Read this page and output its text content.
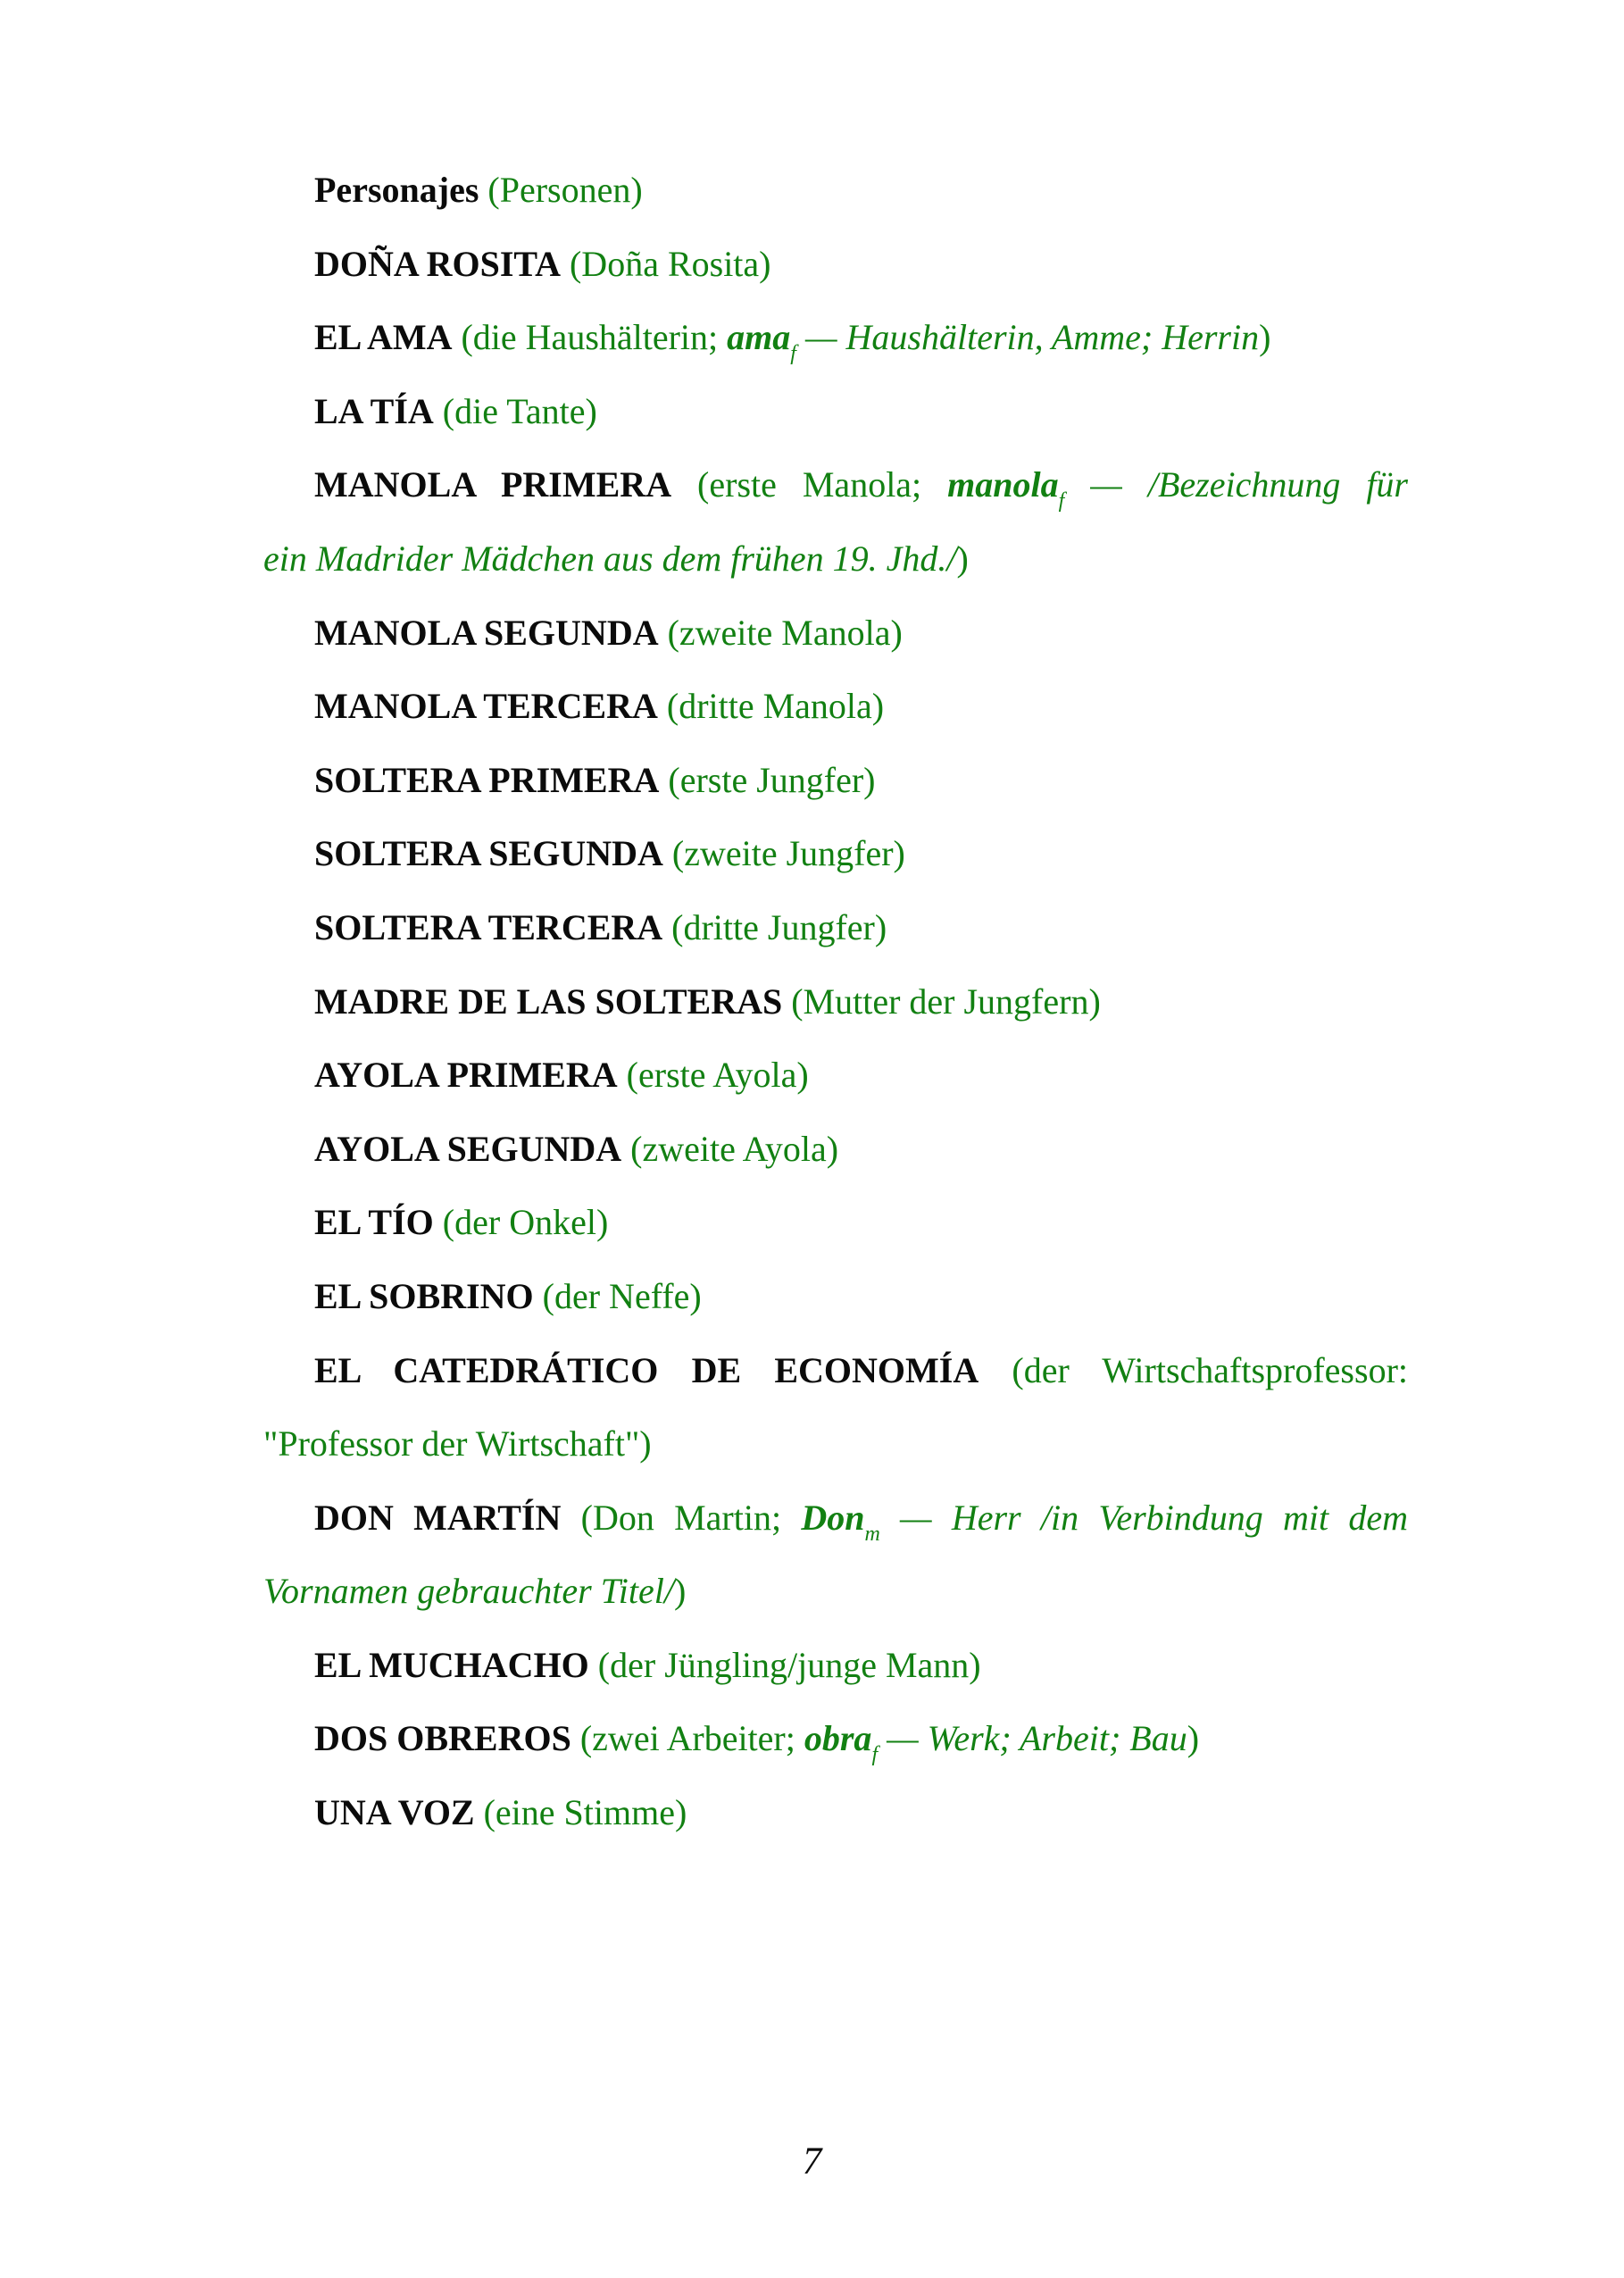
Personajes (Personen)
DOÑA ROSITA (Doña Rosita)
EL AMA (die Haushälterin; ama$_f$ — Haushälterin, Amme; Herrin)
LA TÍA (die Tante)
MANOLA PRIMERA (erste Manola; manola$_f$ — /Bezeichnung für
ein Madrider Mädchen aus dem frühen 19. Jhd./)
MANOLA SEGUNDA (zweite Manola)
MANOLA TERCERA (dritte Manola)
SOLTERA PRIMERA (erste Jungfer)
SOLTERA SEGUNDA (zweite Jungfer)
SOLTERA TERCERA (dritte Jungfer)
MADRE DE LAS SOLTERAS (Mutter der Jungfern)
AYOLA PRIMERA (erste Ayola)
AYOLA SEGUNDA (zweite Ayola)
EL TÍO (der Onkel)
EL SOBRINO (der Neffe)
EL CATEDRÁTICO DE ECONOMÍA (der Wirtschaftsprofessor:
"Professor der Wirtschaft")
DON MARTÍN (Don Martin; Don$_m$ — Herr /in Verbindung mit dem
Vornamen gebrauchter Titel/)
EL MUCHACHO (der Jüngling/junge Mann)
DOS OBREROS (zwei Arbeiter; obra$_f$ — Werk; Arbeit; Bau)
UNA VOZ (eine Stimme)
7
